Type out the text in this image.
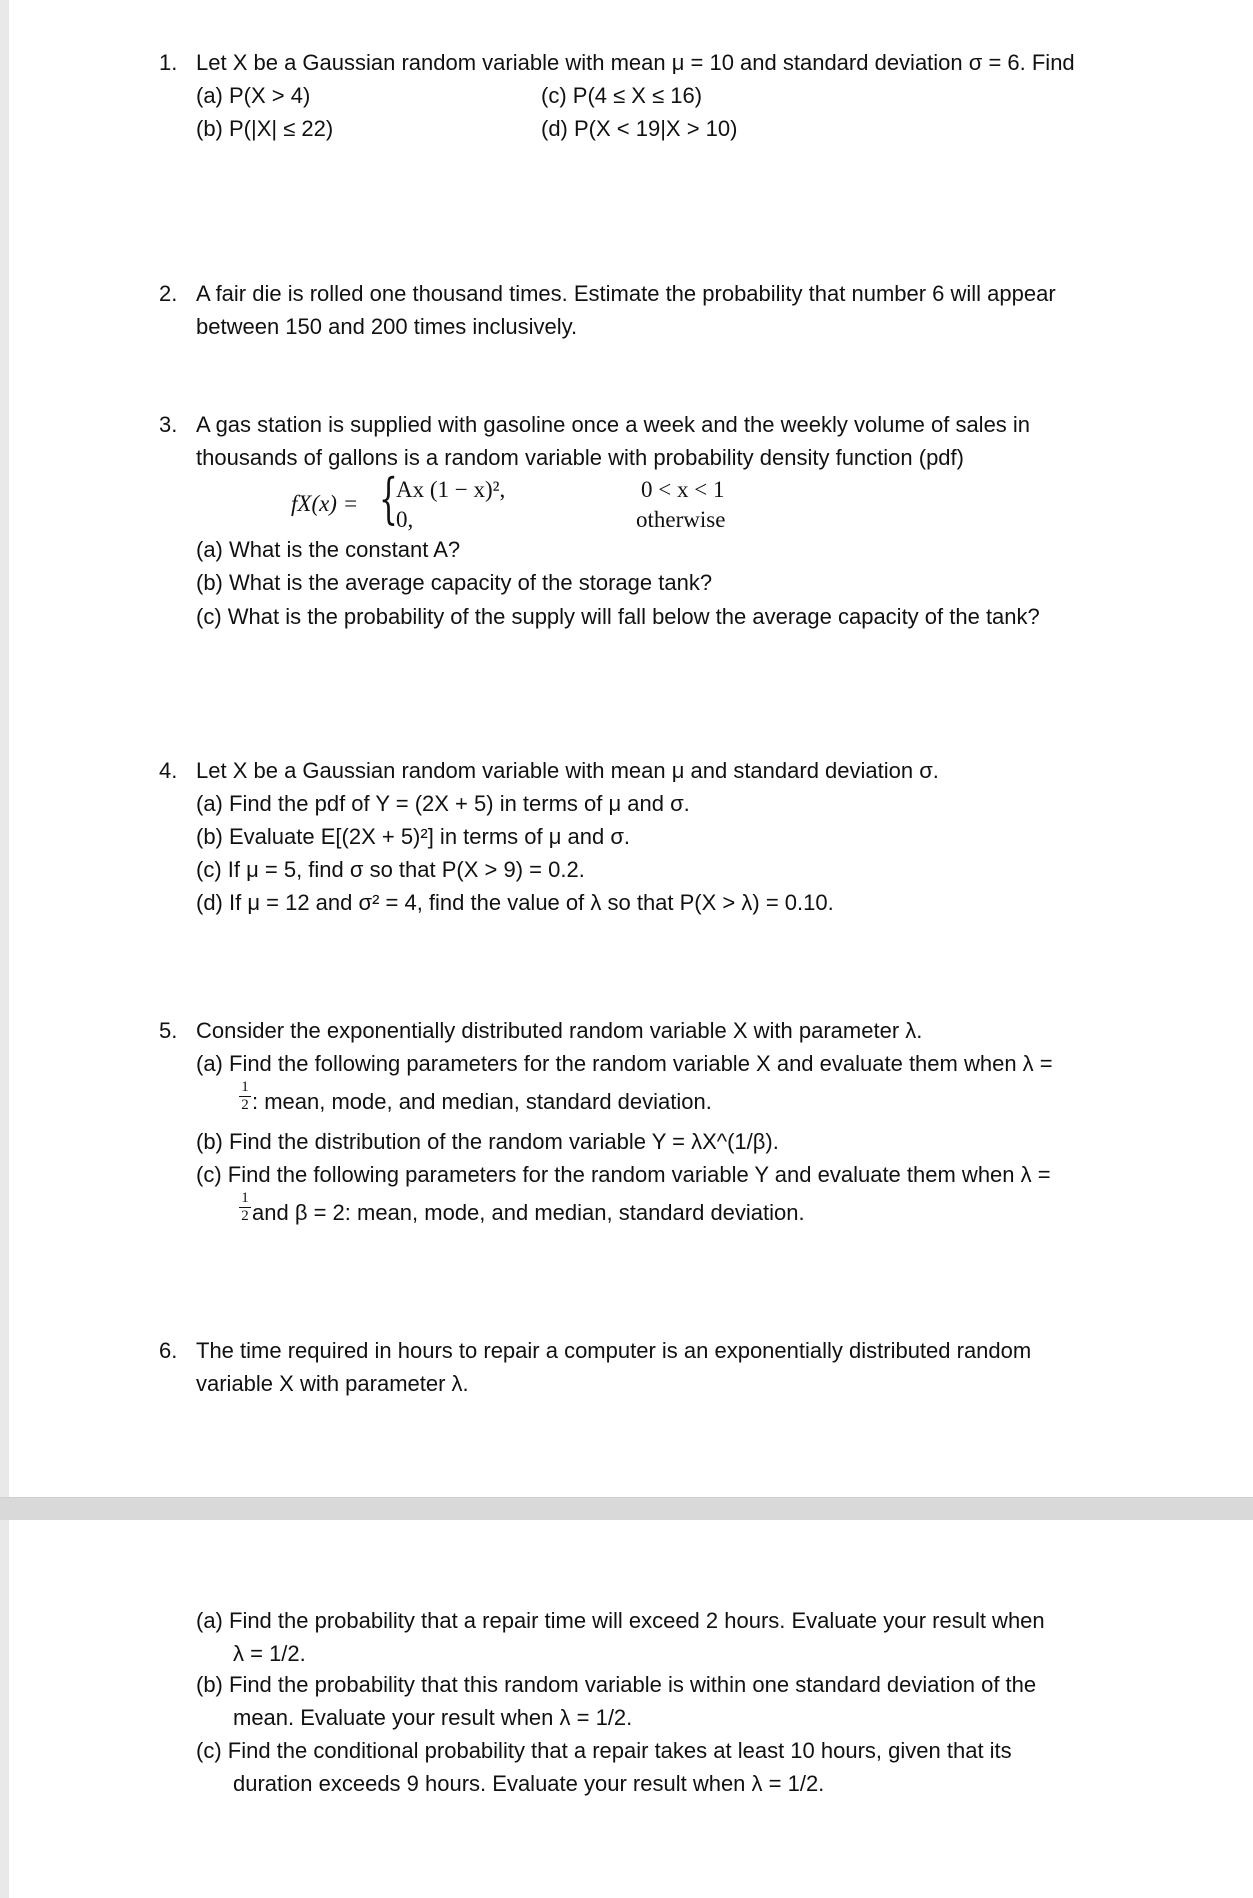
1. Let X be a Gaussian random variable with mean μ = 10 and standard deviation σ = 6. Find
(a) P(X > 4)
(b) P(|X| ≤ 22)
(c) P(4 ≤ X ≤ 16)
(d) P(X < 19|X > 10)
2. A fair die is rolled one thousand times. Estimate the probability that number 6 will appear
between 150 and 200 times inclusively.
3. A gas station is supplied with gasoline once a week and the weekly volume of sales in
thousands of gallons is a random variable with probability density function (pdf)
fX(x) = {
Ax (1 − x)²,
0,
0 < x < 1
otherwise
(a) What is the constant A?
(b) What is the average capacity of the storage tank?
(c) What is the probability of the supply will fall below the average capacity of the tank?
4. Let X be a Gaussian random variable with mean μ and standard deviation σ.
(a) Find the pdf of Y = (2X + 5) in terms of μ and σ.
(b) Evaluate E[(2X + 5)²] in terms of μ and σ.
(c) If μ = 5, find σ so that P(X > 9) = 0.2.
(d) If μ = 12 and σ² = 4, find the value of λ so that P(X > λ) = 0.10.
5. Consider the exponentially distributed random variable X with parameter λ.
(a) Find the following parameters for the random variable X and evaluate them when λ =
1
2 : mean, mode, and median, standard deviation.
(b) Find the distribution of the random variable Y = λX^(1/β).
(c) Find the following parameters for the random variable Y and evaluate them when λ =
1
2 and β = 2: mean, mode, and median, standard deviation.
6. The time required in hours to repair a computer is an exponentially distributed random
variable X with parameter λ.
(a) Find the probability that a repair time will exceed 2 hours. Evaluate your result when
λ = 1/2.
(b) Find the probability that this random variable is within one standard deviation of the
mean. Evaluate your result when λ = 1/2.
(c) Find the conditional probability that a repair takes at least 10 hours, given that its
duration exceeds 9 hours. Evaluate your result when λ = 1/2.
